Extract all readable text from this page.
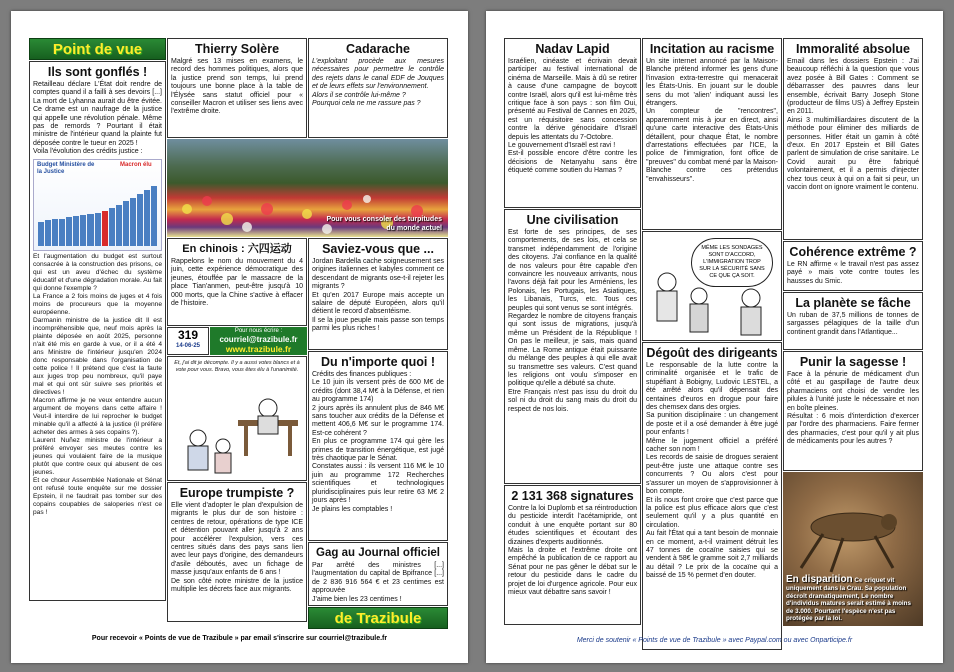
Point de vue
Ils sont gonflés !
Retailleau déclare L'État doit rendre de comptes quand il a failli à ses devoirs [...] La mort de Lyhanna aurait du être évitée. Ce drame est un naufrage de la justice qui appelle une révolution pénale. Même pas de remords ? Pourtant il était ministre de l'intérieur quand la plainte fut déposée contre le tueur en 2025 !
Voila l'évolution des crédits justice :
Budget Ministère de la Justice
Macron élu
Et l'augmentation du budget est surtout consacrée à la construction des prisons, ce qui est un aveu d'échec du système éducatif et d'une dégradation morale. Au fait qui donne l'exemple ?
La France a 2 fois moins de juges et 4 fois moins de procureurs que la moyenne européenne.
Darmanin ministre de la justice dit Il est incompréhensible que, neuf mois après la plainte déposée en août 2025, personne n'ait été mis en garde à vue, or il a été 4 ans Ministre de l'intérieur jusqu'en 2024 donc responsable dans l'organisation de cette police ! Il prétend que c'est la faute aux juges trop peu nombreux, qu'il paye mal et qui ont sûr suivre ses priorités et directives !
Macron affirme je ne veux entendre aucun argument de moyens dans cette affaire ! Veut-il interdire de lui reprocher le budget minable qu'il a affecté à la justice (il préfère acheter des armes à ses copains ?).
Laurent Nuñez ministre de l'intérieur a préféré envoyer ses meutes contre les jeunes qui voulaient faire de la musique plutôt que contre ceux qui abusent de ces jeunes.
Et ce chœur Assemblée Nationale et Sénat ont refusé toute enquête sur me dossier Epstein, il ne faudrait pas tomber sur des copains coupables de saloperies n'est ce pas !
Thierry Solère
Malgré ses 13 mises en examens, le record des hommes politiques, alors que la justice prend son temps, lui prend toujours une bonne place à la table de l'Élysée sans statut officiel pour « conseiller Macron et utiliser ses liens avec l'extrême droite.
Cadarache
L'exploitant procède aux mesures nécessaires pour permettre le contrôle des rejets dans le canal EDF de Jouques et de leurs effets sur l'environnement.
Alors il se contrôle lui-même ?
Pourquoi cela ne me rassure pas ?
Pour vous consoler des turpitudes du monde actuel
En chinois : 六四运动
Rappelons le nom du mouvement du 4 juin, cette expérience démocratique des jeunes, étouffée par le massacre de la place Tian'anmen, peut-être jusqu'à 10 000 morts, que la Chine s'active à effacer de l'histoire.
Saviez-vous que ...
Jordan Bardella cache soigneusement ses origines italiennes et kabyles comment ce descendant de migrants ose-t-il rejeter les migrants ?
Et qu'en 2017 Europe mais accepte un salaire de député Européen, alors qu'il détient le record d'absentéisme.
Il se la joue peuple mais passe son temps parmi les plus riches !
319
14-06-25
Pour nous écrire :
courriel@trazibule.fr
www.trazibule.fr
Et, j'ai dit je décompte. Il y a aussi votes blancs et à vote pour vous. Bravo, vous êtes élu à l'unanimité.
Du n'importe quoi !
Crédits des finances publiques :
Le 10 juin ils versent près de 600 M€ de crédits (dont 38,4 M€ à la Défense, et rien au programme 174)
2 jours après ils annulent plus de 846 M€ sans toucher aux crédits de la Défense et mettent 406,6 M€ sur le programme 174. Est-ce cohérent ?
En plus ce programme 174 qui gère les primes de transition énergétique, est jugé très chaotique par le Sénat.
Constates aussi : ils versent 116 M€ le 10 juin au programme 172 Recherches scientifiques et technologiques pluridisciplinaires puis leur retire 63 M€ 2 jours après !
Je plains les comptables !
Europe trumpiste ?
Elle vient d'adopter le plan d'expulsion de migrants le plus dur de son histoire : centres de retour, opérations de type ICE et détention pouvant aller jusqu'à 2 ans pour accélérer l'expulsion, vers ces centres situés dans des pays sans lien avec leur pays d'origine, des demandeurs d'asile déboutés, avec un fichage de masse jusqu'aux enfants de 6 ans !
De son côté notre ministre de la justice multiplie les décrets face aux migrants.
Gag au Journal officiel
Par arrêté des ministres [...] l'augmentation du capital de Bpifrance [...] de 2 836 916 564 € et 23 centimes est approuvée
J'aime bien les 23 centimes !
de Trazibule
Pour recevoir « Points de vue de Trazibule » par email s'inscrire sur courriel@trazibule.fr
Nadav Lapid
Israélien, cinéaste et écrivain devait participer au festival international de cinéma de Marseille. Mais à dû se retirer à cause d'une campagne de boycott contre Israël, alors qu'il est lui-même très critique face à son pays : son film Oui, présenté au Festival de Cannes en 2025, est un réquisitoire sans concession contre la dérive génocidaire d'Israël depuis les attentats du 7-Octobre.
Le gouvernement d'Israël est ravi !
Est-il possible encore d'être contre les décisions de Netanyahu sans être étiqueté comme soutien du Hamas ?
Incitation au racisme
Un site internet annoncé par la Maison-Blanche prétend informer les gens d'une l'invasion extra-terrestre qui menacerait les États-Unis. En jouant sur le double sens du mot 'alien' indiquant aussi les étrangers.
Un compteur de "rencontres", apparemment mis à jour en direct, ainsi qu'une carte interactive des États-Unis détaillent, pour chaque État, le nombre d'arrestations effectuées par l'ICE, la police de l'immigration, font office de "preuves" du combat mené par la Maison-Blanche contre ces prétendus "envahisseurs".
Immoralité absolue
Email dans les dossiers Epstein : J'ai beaucoup réfléchi à la question que vous avez posée à Bill Gates : Comment se débarrasser des pauvres dans leur ensemble, écrivait Barry Joseph Stone (producteur de films US) à Jeffrey Epstein en 2011.
Ainsi 3 multimilliardaires discutent de la méthode pour éliminer des milliards de personnes. Hitler était un gamin à côté d'eux. En 2017 Epstein et Bill Gates parlent de simulation de crise sanitaire. Le Covid aurait pu être fabriqué volontairement, et il a permis d'injecter chez tous ceux à qui on a fait si peur, un vaccin dont on ignore vraiment le contenu.
Une civilisation
Est forte de ses principes, de ses comportements, de ses lois, et cela se transmet indépendamment de l'origine des citoyens. J'ai confiance en la qualité de nos valeurs pour être capable d'en convaincre les nouveaux arrivants, nous l'avons déjà fait pour les Arméniens, les Polonais, les Portugais, les Asiatiques, les Libanais, Turcs, etc. Tous ces peuples qui sont venus se sont intégrés.
Regardez le nombre de citoyens français qui sont issus de migrations, jusqu'à même un Président de la République ! On pas le meilleur, je sais, mais quand même. La Rome antique était puissante du mélange des peuples à qui elle avait su transmettre ses valeurs. C'est quand les religions ont voulu s'imposer en politique qu'elle a débuté sa chute.
Etre Français n'est pas issu du droit du sol ni du droit du sang mais du droit du respect de nos lois.
MÊME LES SONDAGES SONT D'ACCORD, L'IMMIGRATION TROP SUR LA SÉCURITÉ SANS CE QUE ÇA SOIT.
Cohérence extrême ?
Le RN affirme « le travail n'est pas assez payé » mais vote contre toutes les hausses du Smic.
La planète se fâche
Un ruban de 37,5 millions de tonnes de sargasses pélagiques de la taille d'un continent grandit dans l'Atlantique...
Dégoût des dirigeants
Le responsable de la lutte contre la criminalité organisée et le trafic de stupéfiant à Bobigny, Ludovic LESTEL, a été arrêté alors qu'il dépensait des centaines d'euros en drogue pour faire des chemsex dans des orgies.
Sa punition disciplinaire : un changement de poste et il a osé demander à être jugé pour enfants !
Même le jugement officiel a préféré cacher son nom !
Les records de saisie de drogues seraient peut-être juste une attaque contre ses concurrents ? Ou alors c'est pour s'assurer un moyen de s'approvisionner à bon compte.
Et ils nous font croire que c'est parce que la police est plus efficace alors que c'est seulement qu'il y a plus quantité en circulation.
Au fait l'État qui a tant besoin de monnaie en ce moment, a-t-il vraiment détruit les 47 tonnes de cocaïne saisies qui se vendent à 58€ le gramme soit 2,7 milliards au détail ? Le prix de la cocaïne qui a baissé de 15 % permet d'en douter.
Punir la sagesse !
Face à la pénurie de médicament d'un côté et au gaspillage de l'autre deux pharmaciens ont choisi de vendre les pilules à l'unité juste le nécessaire et non en boîte pleines.
Résultat : 6 mois d'interdiction d'exercer par l'ordre des pharmaciens. Faire fermer des pharmacies, c'est pour qu'il y ait plus de médicaments pour les autres ?
2 131 368 signatures
Contre la loi Duplomb et sa réintroduction du pesticide interdit l'acétamipride, ont conduit à une enquête portant sur 80 études scientifiques et écoutant des dizaines d'experts auditionnés.
Mais la droite et l'extrême droite ont empêché la publication de ce rapport au Sénat pour ne pas gêner le débat sur le retour du pesticide dans le cadre du projet de loi d'urgence agricole. Pour eux mieux vaut débattre sans savoir !
En disparition Ce criquet vit uniquement dans la Crau. Sa population décroît dramatiquement, Le nombre d'individus matures serait estimé à moins de 3.000. Pourtant l'espèce n'est pas protégée par la loi.
Merci de soutenir « Points de vue de Trazibule » avec Paypal.com ou avec Onparticipe.fr
